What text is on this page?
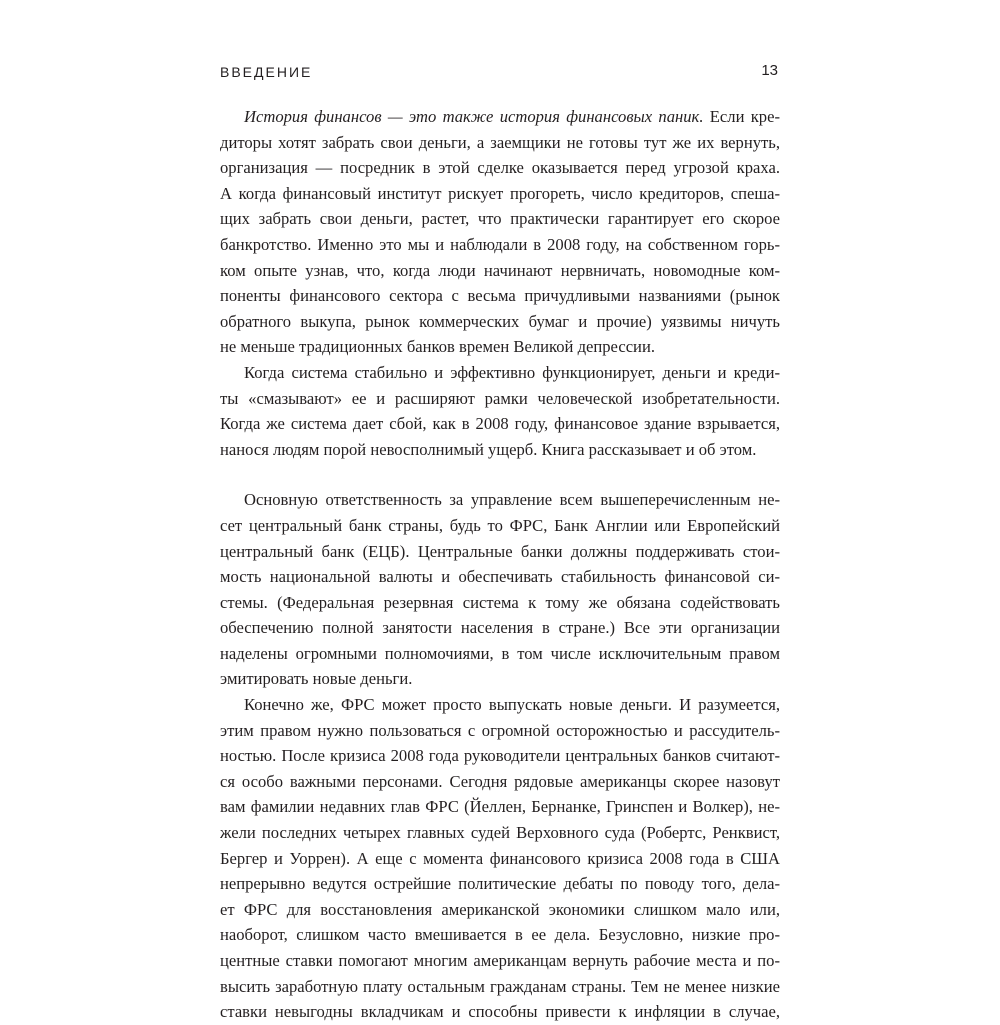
ВВЕДЕНИЕ	13
История финансов — это также история финансовых паник. Если кре-
диторы хотят забрать свои деньги, а заемщики не готовы тут же их вернуть,
организация — посредник в этой сделке оказывается перед угрозой краха.
А когда финансовый институт рискует прогореть, число кредиторов, спеша-
щих забрать свои деньги, растет, что практически гарантирует его скорое
банкротство. Именно это мы и наблюдали в 2008 году, на собственном горь-
ком опыте узнав, что, когда люди начинают нервничать, новомодные ком-
поненты финансового сектора с весьма причудливыми названиями (рынок
обратного выкупа, рынок коммерческих бумаг и прочие) уязвимы ничуть
не меньше традиционных банков времен Великой депрессии.
Когда система стабильно и эффективно функционирует, деньги и креди-
ты «смазывают» ее и расширяют рамки человеческой изобретательности.
Когда же система дает сбой, как в 2008 году, финансовое здание взрывается,
нанося людям порой невосполнимый ущерб. Книга рассказывает и об этом.
Основную ответственность за управление всем вышеперечисленным не-
сет центральный банк страны, будь то ФРС, Банк Англии или Европейский
центральный банк (ЕЦБ). Центральные банки должны поддерживать стои-
мость национальной валюты и обеспечивать стабильность финансовой си-
стемы. (Федеральная резервная система к тому же обязана содействовать
обеспечению полной занятости населения в стране.) Все эти организации
наделены огромными полномочиями, в том числе исключительным правом
эмитировать новые деньги.
Конечно же, ФРС может просто выпускать новые деньги. И разумеется,
этим правом нужно пользоваться с огромной осторожностью и рассудитель-
ностью. После кризиса 2008 года руководители центральных банков считают-
ся особо важными персонами. Сегодня рядовые американцы скорее назовут
вам фамилии недавних глав ФРС (Йеллен, Бернанке, Гринспен и Волкер), не-
жели последних четырех главных судей Верховного суда (Робертс, Ренквист,
Бергер и Уоррен). А еще с момента финансового кризиса 2008 года в США
непрерывно ведутся острейшие политические дебаты по поводу того, дела-
ет ФРС для восстановления американской экономики слишком мало или,
наоборот, слишком часто вмешивается в ее дела. Безусловно, низкие про-
центные ставки помогают многим американцам вернуть рабочие места и по-
высить заработную плату остальным гражданам страны. Тем не менее низкие
ставки невыгодны вкладчикам и способны привести к инфляции в случае,
